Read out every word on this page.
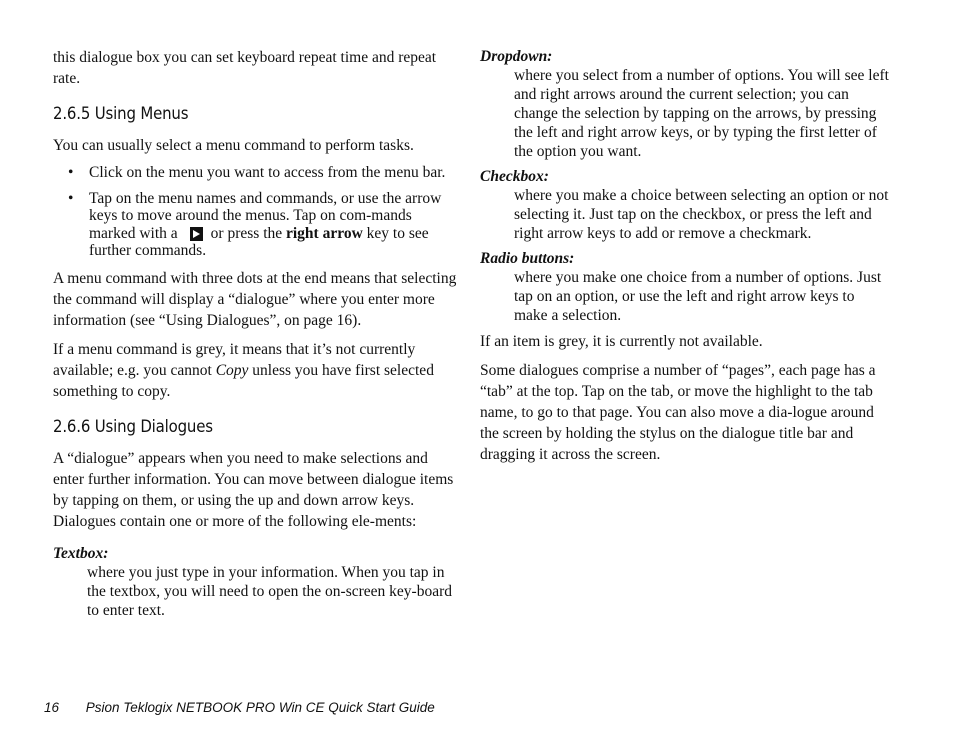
this dialogue box you can set keyboard repeat time and repeat rate.

2.6.5 Using Menus

You can usually select a menu command to perform tasks.

• Click on the menu you want to access from the menu bar.
• Tap on the menu names and commands, or use the arrow keys to move around the menus. Tap on com-mands marked with a or press the right arrow key to see further commands.

A menu command with three dots at the end means that selecting the command will display a “dialogue” where you enter more information (see “Using Dialogues”, on page 16).

If a menu command is grey, it means that it’s not currently available; e.g. you cannot Copy unless you have first selected something to copy.

2.6.6 Using Dialogues

A “dialogue” appears when you need to make selections and enter further information. You can move between dialogue items by tapping on them, or using the up and down arrow keys. Dialogues contain one or more of the following ele-ments:

Textbox:

where you just type in your information. When you tap in the textbox, you will need to open the on-screen key-board to enter text.

Dropdown:

where you select from a number of options. You will see left and right arrows around the current selection; you can change the selection by tapping on the arrows, by pressing the left and right arrow keys, or by typing the first letter of the option you want.

Checkbox:

where you make a choice between selecting an option or not selecting it. Just tap on the checkbox, or press the left and right arrow keys to add or remove a checkmark.

Radio buttons:

where you make one choice from a number of options. Just tap on an option, or use the left and right arrow keys to make a selection.

If an item is grey, it is currently not available.

Some dialogues comprise a number of “pages”, each page has a “tab” at the top. Tap on the tab, or move the highlight to the tab name, to go to that page. You can also move a dia-logue around the screen by holding the stylus on the dialogue title bar and dragging it across the screen.

16 Psion Teklogix NETBOOK PRO Win CE Quick Start Guide
